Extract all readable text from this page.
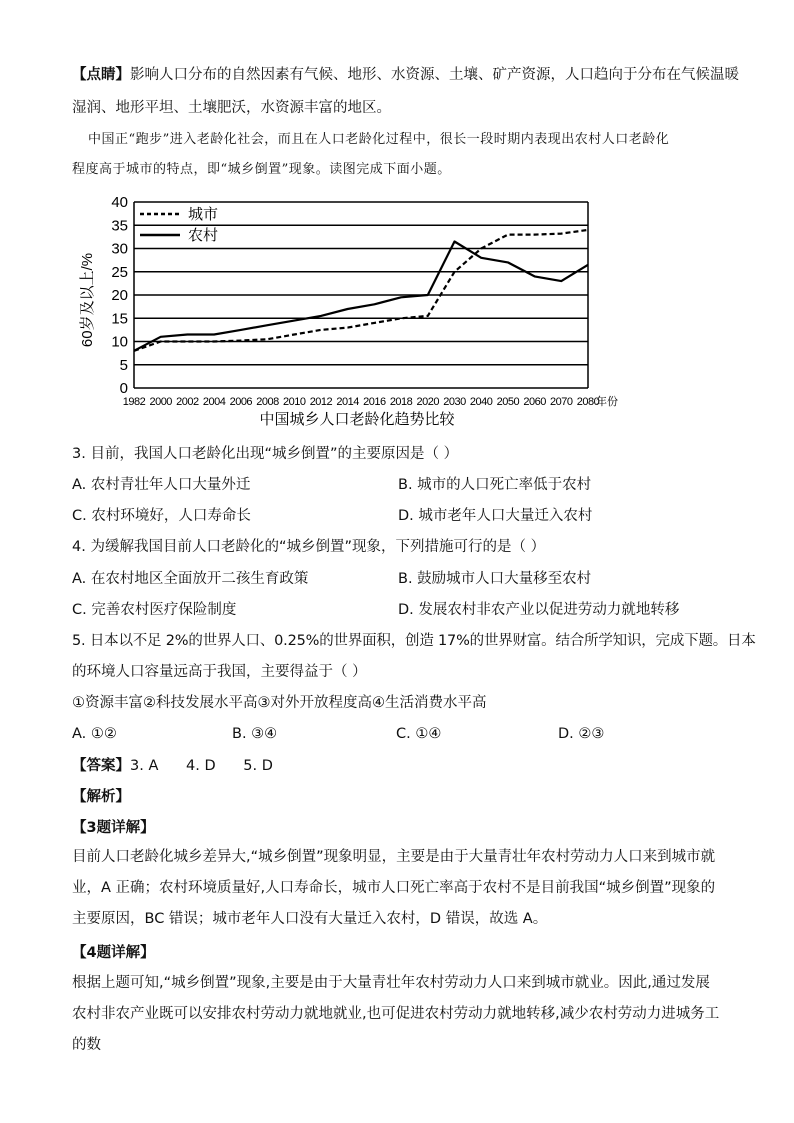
【点睛】影响人口分布的自然因素有气候、地形、水资源、土壤、矿产资源，人口趋向于分布在气候温暖
湿润、地形平坦、土壤肥沃，水资源丰富的地区。
中国正“跑步”进入老龄化社会，而且在人口老龄化过程中，很长一段时期内表现出农村人口老龄化
程度高于城市的特点，即“城乡倒置”现象。读图完成下面小题。
0
5
10
15
20
25
30
35
40
1982 2000 2002 2004 2006 2008 2010 2012 2014 2016 2018 2020 2030 2040 2050 2060 2070 2080
城市
农村
60岁及以上/%
年份
中国城乡人口老龄化趋势比较
3. 目前，我国人口老龄化出现“城乡倒置”的主要原因是（ ）
A. 农村青壮年人口大量外迁	B. 城市的人口死亡率低于农村
C. 农村环境好，人口寿命长	D. 城市老年人口大量迁入农村
4. 为缓解我国目前人口老龄化的“城乡倒置”现象，下列措施可行的是（ ）
A. 在农村地区全面放开二孩生育政策	B. 鼓励城市人口大量移至农村
C. 完善农村医疗保险制度	D. 发展农村非农产业以促进劳动力就地转移
5. 日本以不足 2%的世界人口、0.25%的世界面积，创造 17%的世界财富。结合所学知识，完成下题。日本
的环境人口容量远高于我国，主要得益于（ ）
①资源丰富②科技发展水平高③对外开放程度高④生活消费水平高
A. ①②	B. ③④	C. ①④	D. ②③
【答案】3. A      4. D      5. D
【解析】
【3题详解】
目前人口老龄化城乡差异大,“城乡倒置”现象明显，主要是由于大量青壮年农村劳动力人口来到城市就业，A 正确；农村环境质量好,人口寿命长，城市人口死亡率高于农村不是目前我国“城乡倒置”现象的主要原因，BC 错误；城市老年人口没有大量迁入农村，D 错误，故选 A。
【4题详解】
根据上题可知,“城乡倒置”现象,主要是由于大量青壮年农村劳动力人口来到城市就业。因此,通过发展农村非农产业既可以安排农村劳动力就地就业,也可促进农村劳动力就地转移,减少农村劳动力进城务工的数
